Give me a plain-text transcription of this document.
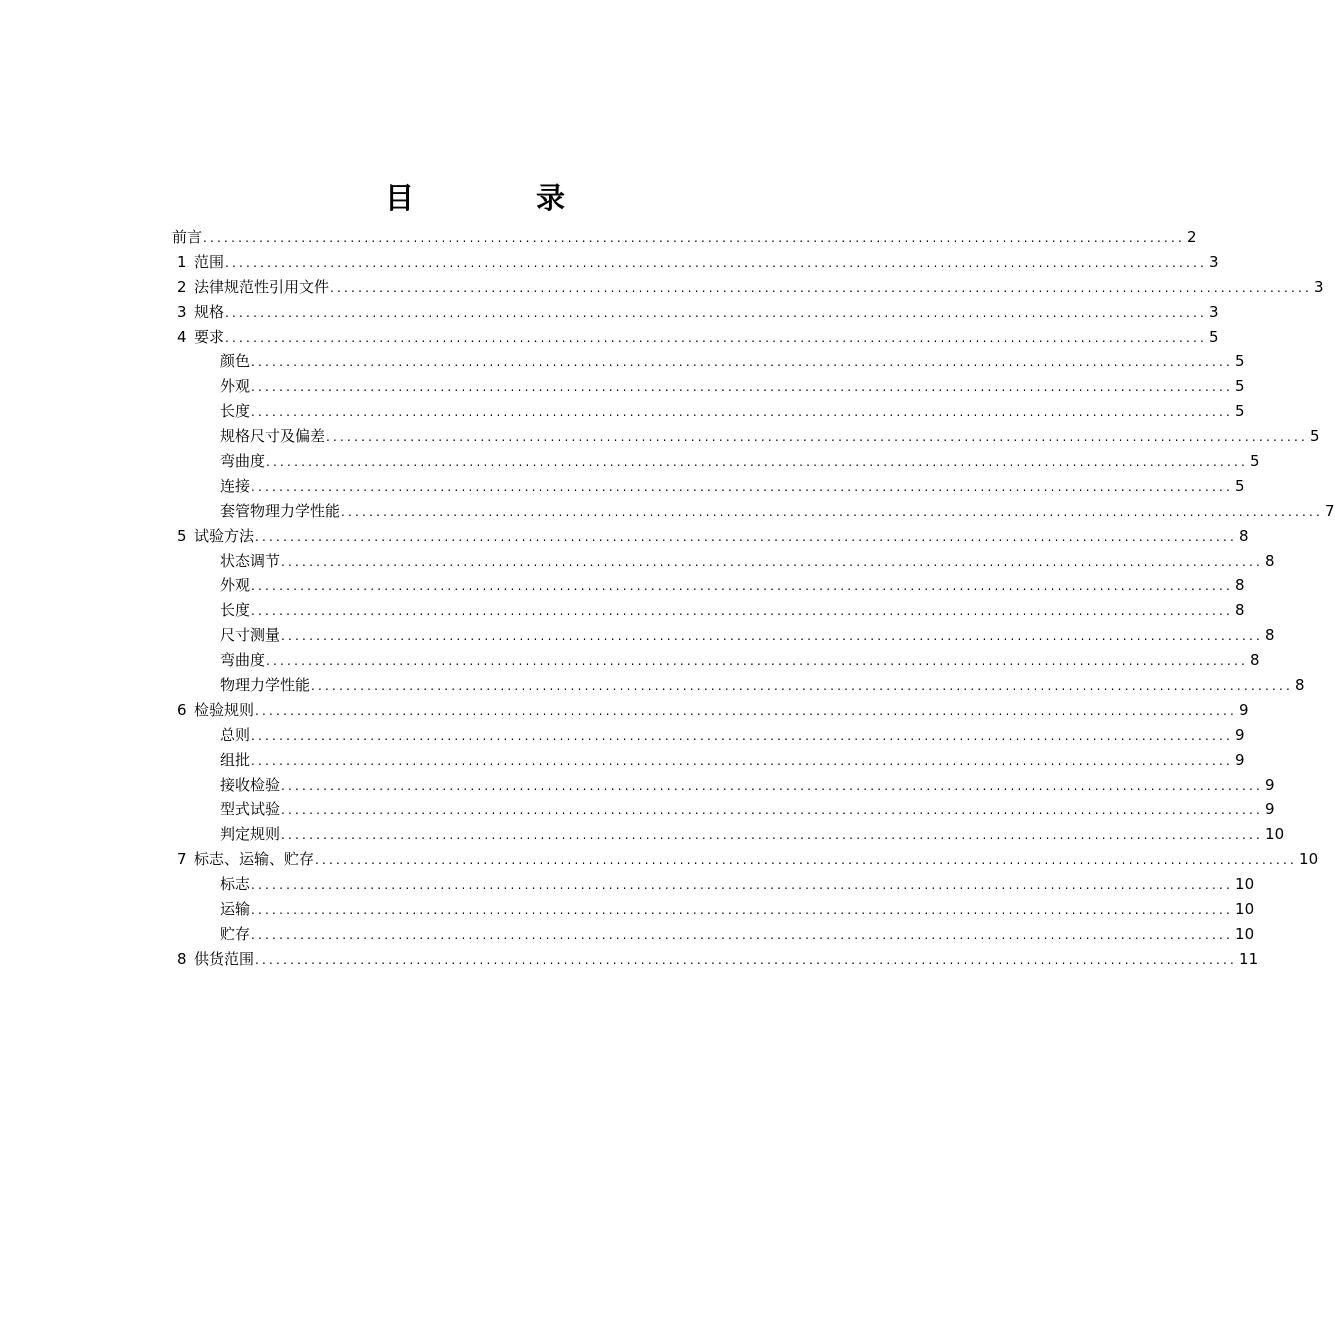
目 录
前言 ............................................................................................................................................ 2
1 范围 ............................................................................................................................................ 3
2 法律规范性引用文件 ............................................................................................................................................ 3
3 规格 ............................................................................................................................................ 3
4 要求 ............................................................................................................................................ 5
颜色 ............................................................................................................................................ 5
外观 ............................................................................................................................................ 5
长度 ............................................................................................................................................ 5
规格尺寸及偏差 ............................................................................................................................................ 5
弯曲度 ............................................................................................................................................ 5
连接 ............................................................................................................................................ 5
套管物理力学性能 ............................................................................................................................................ 7
5 试验方法 ............................................................................................................................................ 8
状态调节 ............................................................................................................................................ 8
外观 ............................................................................................................................................ 8
长度 ............................................................................................................................................ 8
尺寸测量 ............................................................................................................................................ 8
弯曲度 ............................................................................................................................................ 8
物理力学性能 ............................................................................................................................................ 8
6 检验规则 ............................................................................................................................................ 9
总则 ............................................................................................................................................ 9
组批 ............................................................................................................................................ 9
接收检验 ............................................................................................................................................ 9
型式试验 ............................................................................................................................................ 9
判定规则 ............................................................................................................................................ 10
7 标志、运输、贮存 ............................................................................................................................................ 10
标志 ............................................................................................................................................ 10
运输 ............................................................................................................................................ 10
贮存 ............................................................................................................................................ 10
8 供货范围 ............................................................................................................................................ 11
